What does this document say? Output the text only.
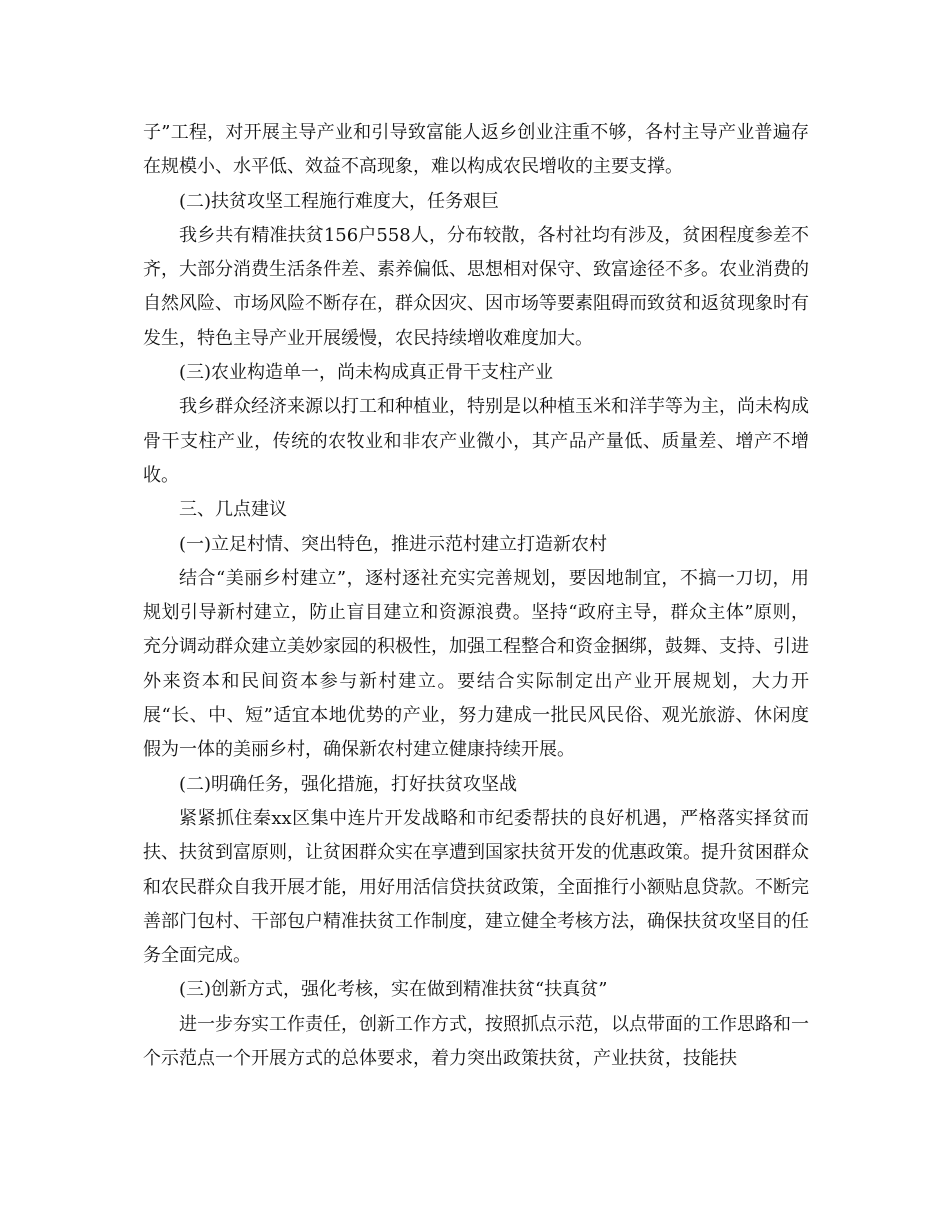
子”工程，对开展主导产业和引导致富能人返乡创业注重不够，各村主导产业普遍存在规模小、水平低、效益不高现象，难以构成农民增收的主要支撑。

(二)扶贫攻坚工程施行难度大，任务艰巨

我乡共有精准扶贫156户558人，分布较散，各村社均有涉及，贫困程度参差不齐，大部分消费生活条件差、素养偏低、思想相对保守、致富途径不多。农业消费的自然风险、市场风险不断存在，群众因灾、因市场等要素阻碍而致贫和返贫现象时有发生，特色主导产业开展缓慢，农民持续增收难度加大。

(三)农业构造单一，尚未构成真正骨干支柱产业

我乡群众经济来源以打工和种植业，特别是以种植玉米和洋芋等为主，尚未构成骨干支柱产业，传统的农牧业和非农产业微小，其产品产量低、质量差、增产不增收。

三、几点建议

(一)立足村情、突出特色，推进示范村建立打造新农村

结合“美丽乡村建立”，逐村逐社充实完善规划，要因地制宜，不搞一刀切，用规划引导新村建立，防止盲目建立和资源浪费。坚持“政府主导，群众主体”原则，充分调动群众建立美妙家园的积极性，加强工程整合和资金捆绑，鼓舞、支持、引进外来资本和民间资本参与新村建立。要结合实际制定出产业开展规划，大力开展“长、中、短”适宜本地优势的产业，努力建成一批民风民俗、观光旅游、休闲度假为一体的美丽乡村，确保新农村建立健康持续开展。

(二)明确任务，强化措施，打好扶贫攻坚战

紧紧抓住秦xx区集中连片开发战略和市纪委帮扶的良好机遇，严格落实择贫而扶、扶贫到富原则，让贫困群众实在享遭到国家扶贫开发的优惠政策。提升贫困群众和农民群众自我开展才能，用好用活信贷扶贫政策，全面推行小额贴息贷款。不断完善部门包村、干部包户精准扶贫工作制度，建立健全考核方法，确保扶贫攻坚目的任务全面完成。

(三)创新方式，强化考核，实在做到精准扶贫“扶真贫”

进一步夯实工作责任，创新工作方式，按照抓点示范，以点带面的工作思路和一个示范点一个开展方式的总体要求，着力突出政策扶贫，产业扶贫，技能扶
